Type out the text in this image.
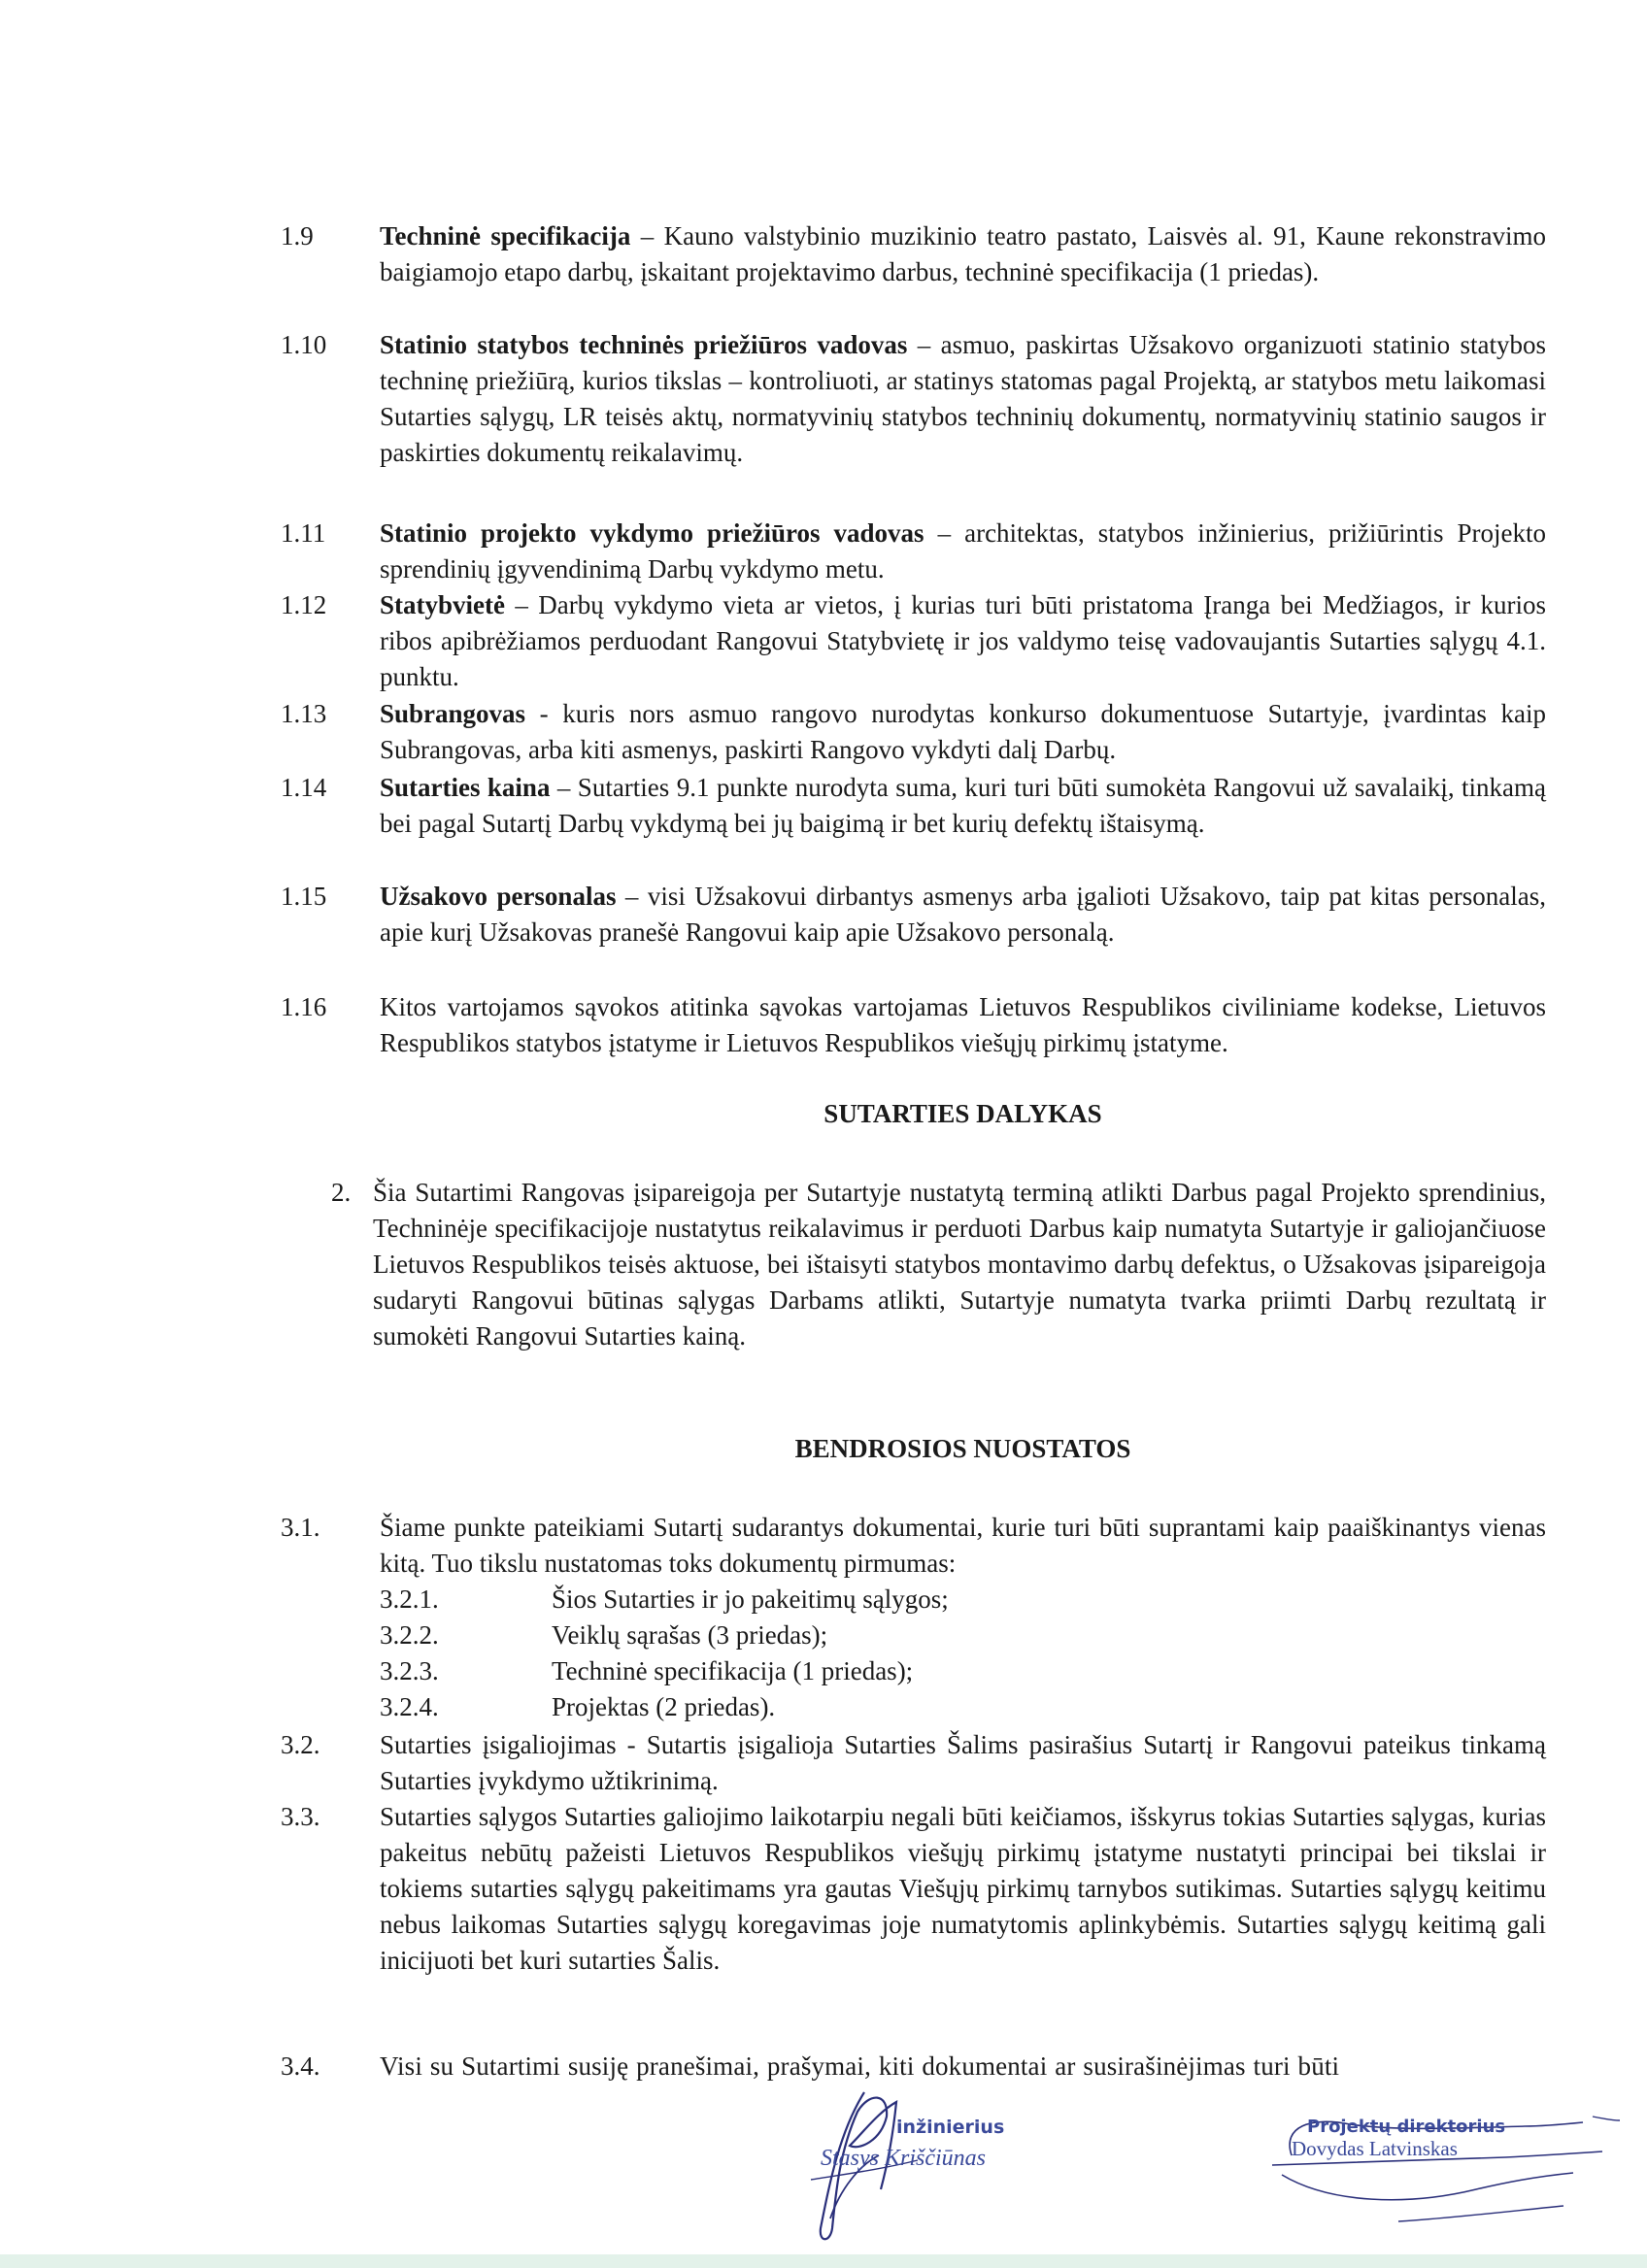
1.9	Techninė specifikacija – Kauno valstybinio muzikinio teatro pastato, Laisvės al. 91, Kaune rekonstravimo baigiamojo etapo darbų, įskaitant projektavimo darbus, techninė specifikacija (1 priedas).
1.10 Statinio statybos techninės priežiūros vadovas – asmuo, paskirtas Užsakovo organizuoti statinio statybos techninę priežiūrą, kurios tikslas – kontroliuoti, ar statinys statomas pagal Projektą, ar statybos metu laikomasi Sutarties sąlygų, LR teisės aktų, normatyvinių statybos techninių dokumentų, normatyvinių statinio saugos ir paskirties dokumentų reikalavimų.
1.11 Statinio projekto vykdymo priežiūros vadovas – architektas, statybos inžinierius, prižiūrintis Projekto sprendinių įgyvendinimą Darbų vykdymo metu.
1.12 Statybvietė – Darbų vykdymo vieta ar vietos, į kurias turi būti pristatoma Įranga bei Medžiagos, ir kurios ribos apibrėžiamos perduodant Rangovui Statybvietę ir jos valdymo teisę vadovaujantis Sutarties sąlygų 4.1. punktu.
1.13 Subrangovas - kuris nors asmuo rangovo nurodytas konkurso dokumentuose Sutartyje, įvardintas kaip Subrangovas, arba kiti asmenys, paskirti Rangovo vykdyti dalį Darbų.
1.14 Sutarties kaina – Sutarties 9.1 punkte nurodyta suma, kuri turi būti sumokėta Rangovui už savalaikį, tinkamą bei pagal Sutartį Darbų vykdymą bei jų baigimą ir bet kurių defektų ištaisymą.
1.15 Užsakovo personalas – visi Užsakovui dirbantys asmenys arba įgalioti Užsakovo, taip pat kitas personalas, apie kurį Užsakovas pranešė Rangovui kaip apie Užsakovo personalą.
1.16 Kitos vartojamos sąvokos atitinka sąvokas vartojamas Lietuvos Respublikos civiliniame kodekse, Lietuvos Respublikos statybos įstatyme ir Lietuvos Respublikos viešųjų pirkimų įstatyme.
SUTARTIES DALYKAS
2. Šia Sutartimi Rangovas įsipareigoja per Sutartyje nustatytą terminą atlikti Darbus pagal Projekto sprendinius, Techninėje specifikacijoje nustatytus reikalavimus ir perduoti Darbus kaip numatyta Sutartyje ir galiojančiuose Lietuvos Respublikos teisės aktuose, bei ištaisyti statybos montavimo darbų defektus, o Užsakovas įsipareigoja sudaryti Rangovui būtinas sąlygas Darbams atlikti, Sutartyje numatyta tvarka priimti Darbų rezultatą ir sumokėti Rangovui Sutarties kainą.
BENDROSIOS NUOSTATOS
3.1. Šiame punkte pateikiami Sutartį sudarantys dokumentai, kurie turi būti suprantami kaip paaiškinantys vienas kitą. Tuo tikslu nustatomas toks dokumentų pirmumas:
3.2.1.	Šios Sutarties ir jo pakeitimų sąlygos;
3.2.2.	Veiklų sąrašas (3 priedas);
3.2.3.	Techninė specifikacija (1 priedas);
3.2.4.	Projektas (2 priedas).
3.2. Sutarties įsigaliojimas - Sutartis įsigalioja Sutarties Šalims pasirašius Sutartį ir Rangovui pateikus tinkamą Sutarties įvykdymo užtikrinimą.
3.3. Sutarties sąlygos Sutarties galiojimo laikotarpiu negali būti keičiamos, išskyrus tokias Sutarties sąlygas, kurias pakeitus nebūtų pažeisti Lietuvos Respublikos viešųjų pirkimų įstatyme nustatyti principai bei tikslai ir tokiems sutarties sąlygų pakeitimams yra gautas Viešųjų pirkimų tarnybos sutikimas. Sutarties sąlygų keitimu nebus laikomas Sutarties sąlygų koregavimas joje numatytomis aplinkybėmis. Sutarties sąlygų keitimą gali inicijuoti bet kuri sutarties Šalis.
3.4. Visi su Sutartimi susiję pranešimai, prašymai, kiti dokumentai ar susirašinėjimas turi būti
inžinierius
Stasys Kriščiūnas
Projektų direktorius
Dovydas Latvinskas
